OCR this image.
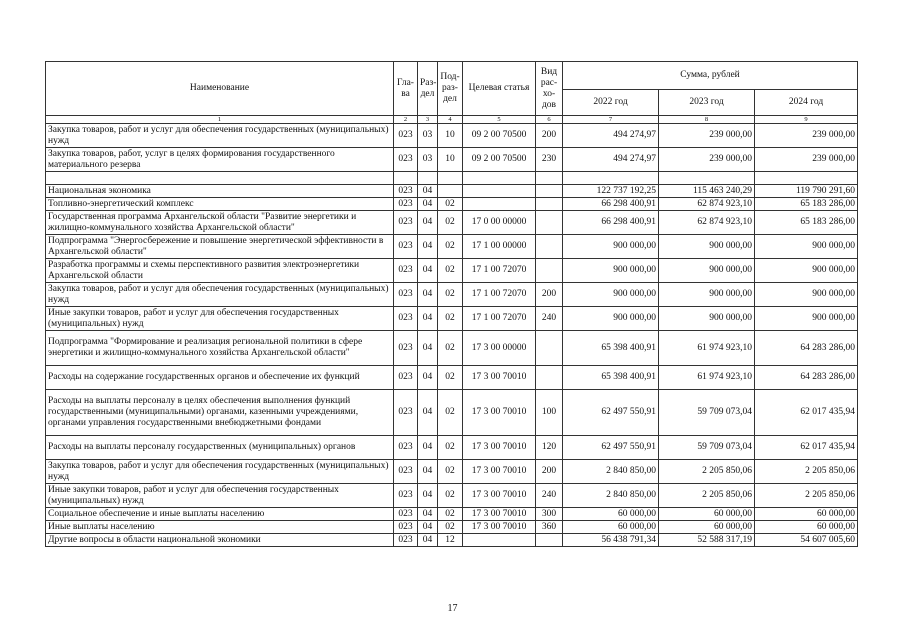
Наименование	Гла-ва	Раз-дел	Под-раз-дел	Целевая статья	Вид рас-хо-дов	Сумма, рублей		
						2022 год	2023 год	2024 год
1	2	3	4	5	6	7	8	9
Закупка товаров, работ и услуг для обеспечения государственных (муниципальных) нужд	023	03	10	09 2 00 70500	200	494 274,97	239 000,00	239 000,00
Закупка товаров, работ, услуг в целях формирования государственного материального резерва	023	03	10	09 2 00 70500	230	494 274,97	239 000,00	239 000,00

Национальная экономика	023	04				122 737 192,25	115 463 240,29	119 790 291,60
Топливно-энергетический комплекс	023	04	02			66 298 400,91	62 874 923,10	65 183 286,00
Государственная программа Архангельской области "Развитие энергетики и жилищно-коммунального хозяйства Архангельской области"	023	04	02	17 0 00 00000		66 298 400,91	62 874 923,10	65 183 286,00
Подпрограмма "Энергосбережение и повышение энергетической эффективности в Архангельской области"	023	04	02	17 1 00 00000		900 000,00	900 000,00	900 000,00
Разработка программы и схемы перспективного развития электроэнергетики Архангельской области	023	04	02	17 1 00 72070		900 000,00	900 000,00	900 000,00
Закупка товаров, работ и услуг для обеспечения государственных (муниципальных) нужд	023	04	02	17 1 00 72070	200	900 000,00	900 000,00	900 000,00
Иные закупки товаров, работ и услуг для обеспечения государственных (муниципальных) нужд	023	04	02	17 1 00 72070	240	900 000,00	900 000,00	900 000,00
Подпрограмма "Формирование и реализация региональной политики в сфере энергетики и жилищно-коммунального хозяйства Архангельской области"	023	04	02	17 3 00 00000		65 398 400,91	61 974 923,10	64 283 286,00
Расходы на содержание государственных органов и обеспечение их функций	023	04	02	17 3 00 70010		65 398 400,91	61 974 923,10	64 283 286,00
Расходы на выплаты персоналу в целях обеспечения выполнения функций государственными (муниципальными) органами, казенными учреждениями, органами управления государственными внебюджетными фондами	023	04	02	17 3 00 70010	100	62 497 550,91	59 709 073,04	62 017 435,94
Расходы на выплаты персоналу государственных (муниципальных) органов	023	04	02	17 3 00 70010	120	62 497 550,91	59 709 073,04	62 017 435,94
Закупка товаров, работ и услуг для обеспечения государственных (муниципальных) нужд	023	04	02	17 3 00 70010	200	2 840 850,00	2 205 850,06	2 205 850,06
Иные закупки товаров, работ и услуг для обеспечения государственных (муниципальных) нужд	023	04	02	17 3 00 70010	240	2 840 850,00	2 205 850,06	2 205 850,06
Социальное обеспечение и иные выплаты населению	023	04	02	17 3 00 70010	300	60 000,00	60 000,00	60 000,00
Иные выплаты населению	023	04	02	17 3 00 70010	360	60 000,00	60 000,00	60 000,00
Другие вопросы в области национальной экономики	023	04	12			56 438 791,34	52 588 317,19	54 607 005,60
17
